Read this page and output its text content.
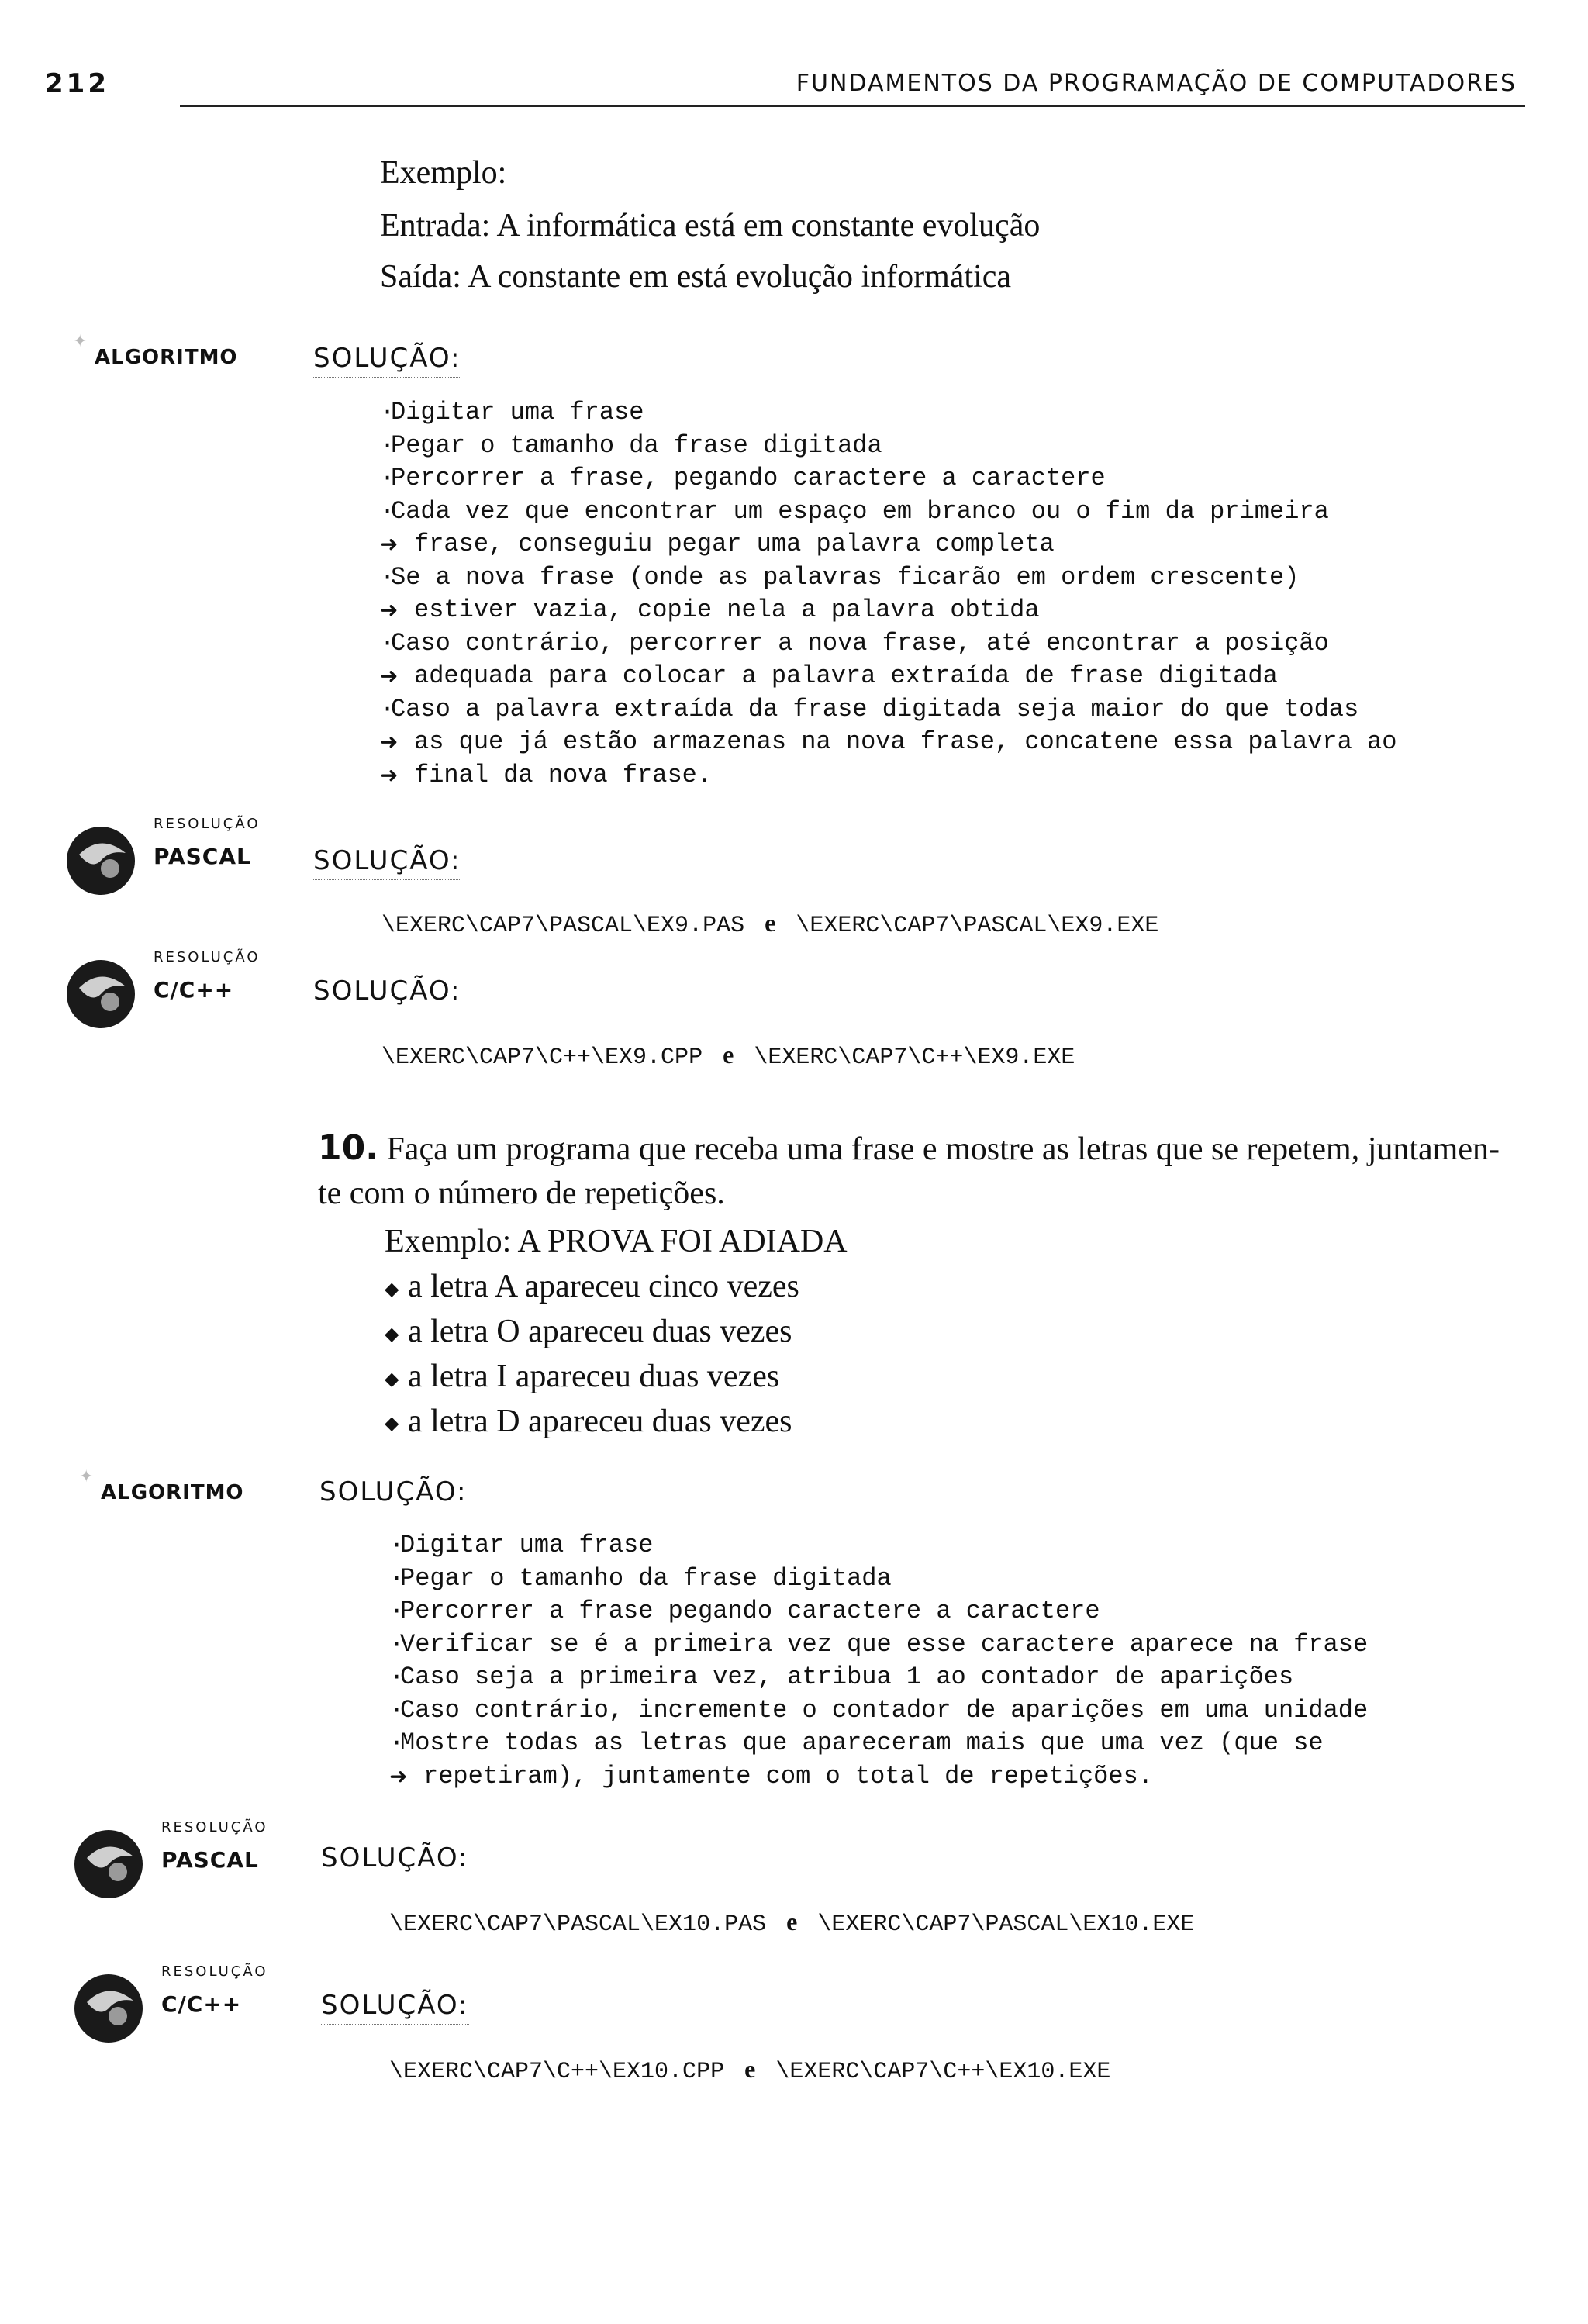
212	FUNDAMENTOS DA PROGRAMAÇÃO DE COMPUTADORES
Exemplo:
Entrada: A informática está em constante evolução
Saída: A constante em está evolução informática
✦
ALGORITMO	SOLUÇÃO:
·
Digitar uma frase
·
Pegar o tamanho da frase digitada
·
Percorrer a frase, pegando caractere a caractere
·
Cada vez que encontrar um espaço em branco ou o fim da primeira
➜ frase, conseguiu pegar uma palavra completa
·
Se a nova frase (onde as palavras ficarão em ordem crescente)
➜ estiver vazia, copie nela a palavra obtida
·
Caso contrário, percorrer a nova frase, até encontrar a posição
➜ adequada para colocar a palavra extraída de frase digitada
·
Caso a palavra extraída da frase digitada seja maior do que todas
➜ as que já estão armazenas na nova frase, concatene essa palavra ao
➜ final da nova frase.
RESOLUÇÃO
PASCAL SOLUÇÃO:
\EXERC\CAP7\PASCAL\EX9.PAS e \EXERC\CAP7\PASCAL\EX9.EXE
RESOLUÇÃO
C/C++	SOLUÇÃO:
\EXERC\CAP7\C++\EX9.CPP e \EXERC\CAP7\C++\EX9.EXE
10. Faça um programa que receba uma frase e mostre as letras que se repetem, juntamen-
te com o número de repetições.
Exemplo: A PROVA FOI ADIADA
◆ a letra A apareceu cinco vezes
◆ a letra O apareceu duas vezes
◆ a letra I apareceu duas vezes
◆ a letra D apareceu duas vezes
✦
ALGORITMO	SOLUÇÃO:
·
Digitar uma frase
·
Pegar o tamanho da frase digitada
·
Percorrer a frase pegando caractere a caractere
·
Verificar se é a primeira vez que esse caractere aparece na frase
·
Caso seja a primeira vez, atribua 1 ao contador de aparições
·
Caso contrário, incremente o contador de aparições em uma unidade
·
Mostre todas as letras que apareceram mais que uma vez (que se
➜ repetiram), juntamente com o total de repetições.
RESOLUÇÃO
PASCAL SOLUÇÃO:
\EXERC\CAP7\PASCAL\EX10.PAS e \EXERC\CAP7\PASCAL\EX10.EXE
RESOLUÇÃO
C/C++	SOLUÇÃO:
\EXERC\CAP7\C++\EX10.CPP e \EXERC\CAP7\C++\EX10.EXE
